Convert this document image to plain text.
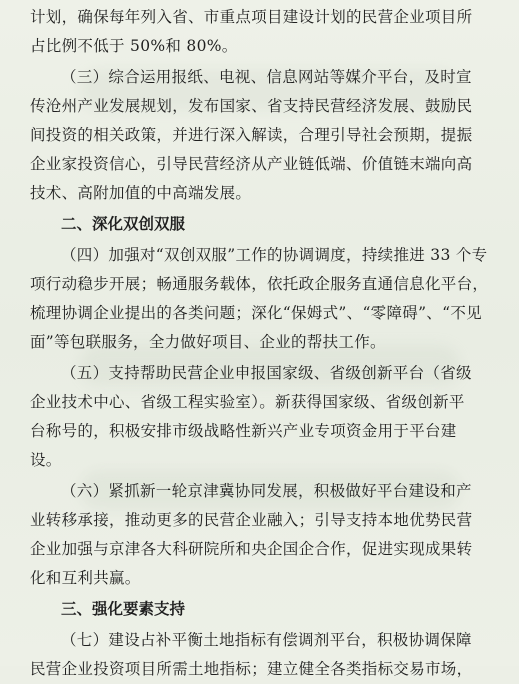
计划，确保每年列入省、市重点项目建设计划的民营企业项目所
占比例不低于 50%和 80%。
（三）综合运用报纸、电视、信息网站等媒介平台，及时宣
传沧州产业发展规划，发布国家、省支持民营经济发展、鼓励民
间投资的相关政策，并进行深入解读，合理引导社会预期，提振
企业家投资信心，引导民营经济从产业链低端、价值链末端向高
技术、高附加值的中高端发展。
二、深化双创双服
（四）加强对“双创双服”工作的协调调度，持续推进 33 个专
项行动稳步开展；畅通服务载体，依托政企服务直通信息化平台，
梳理协调企业提出的各类问题；深化“保姆式”、“零障碍”、“不见
面”等包联服务，全力做好项目、企业的帮扶工作。
（五）支持帮助民营企业申报国家级、省级创新平台（省级
企业技术中心、省级工程实验室）。新获得国家级、省级创新平
台称号的，积极安排市级战略性新兴产业专项资金用于平台建
设。
（六）紧抓新一轮京津冀协同发展，积极做好平台建设和产
业转移承接，推动更多的民营企业融入；引导支持本地优势民营
企业加强与京津各大科研院所和央企国企合作，促进实现成果转
化和互利共赢。
三、强化要素支持
（七）建设占补平衡土地指标有偿调剂平台，积极协调保障
民营企业投资项目所需土地指标；建立健全各类指标交易市场，
